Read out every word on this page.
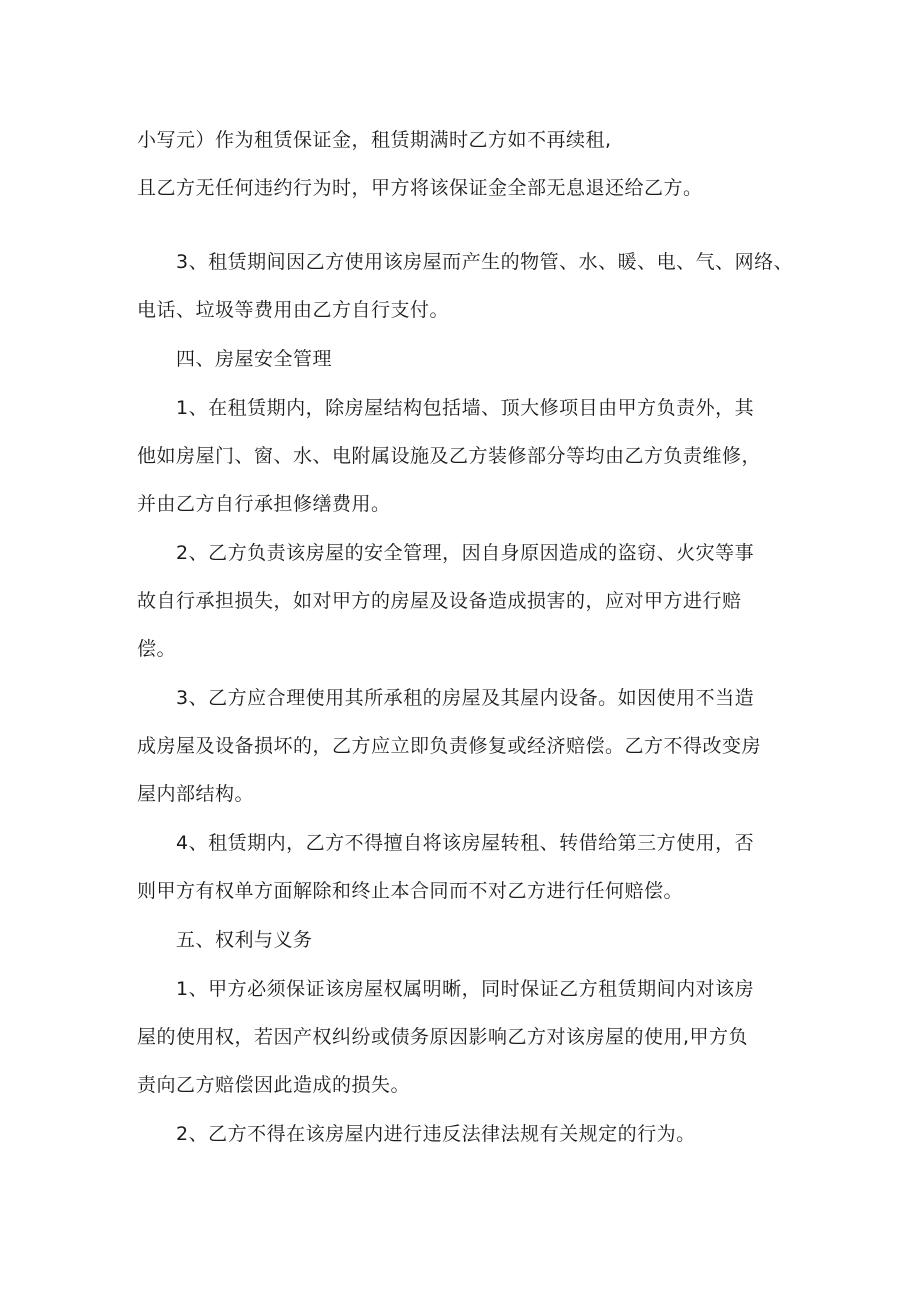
小写元）作为租赁保证金，租赁期满时乙方如不再续租,
且乙方无任何违约行为时，甲方将该保证金全部无息退还给乙方。
3、租赁期间因乙方使用该房屋而产生的物管、水、暖、电、气、网络、
电话、垃圾等费用由乙方自行支付。
四、房屋安全管理
1、在租赁期内，除房屋结构包括墙、顶大修项目由甲方负责外，其
他如房屋门、窗、水、电附属设施及乙方装修部分等均由乙方负责维修，
并由乙方自行承担修缮费用。
2、乙方负责该房屋的安全管理，因自身原因造成的盗窃、火灾等事
故自行承担损失，如对甲方的房屋及设备造成损害的，应对甲方进行赔
偿。
3、乙方应合理使用其所承租的房屋及其屋内设备。如因使用不当造
成房屋及设备损坏的，乙方应立即负责修复或经济赔偿。乙方不得改变房
屋内部结构。
4、租赁期内，乙方不得擅自将该房屋转租、转借给第三方使用，否
则甲方有权单方面解除和终止本合同而不对乙方进行任何赔偿。
五、权利与义务
1、甲方必须保证该房屋权属明晰，同时保证乙方租赁期间内对该房
屋的使用权，若因产权纠纷或债务原因影响乙方对该房屋的使用,甲方负
责向乙方赔偿因此造成的损失。
2、乙方不得在该房屋内进行违反法律法规有关规定的行为。
